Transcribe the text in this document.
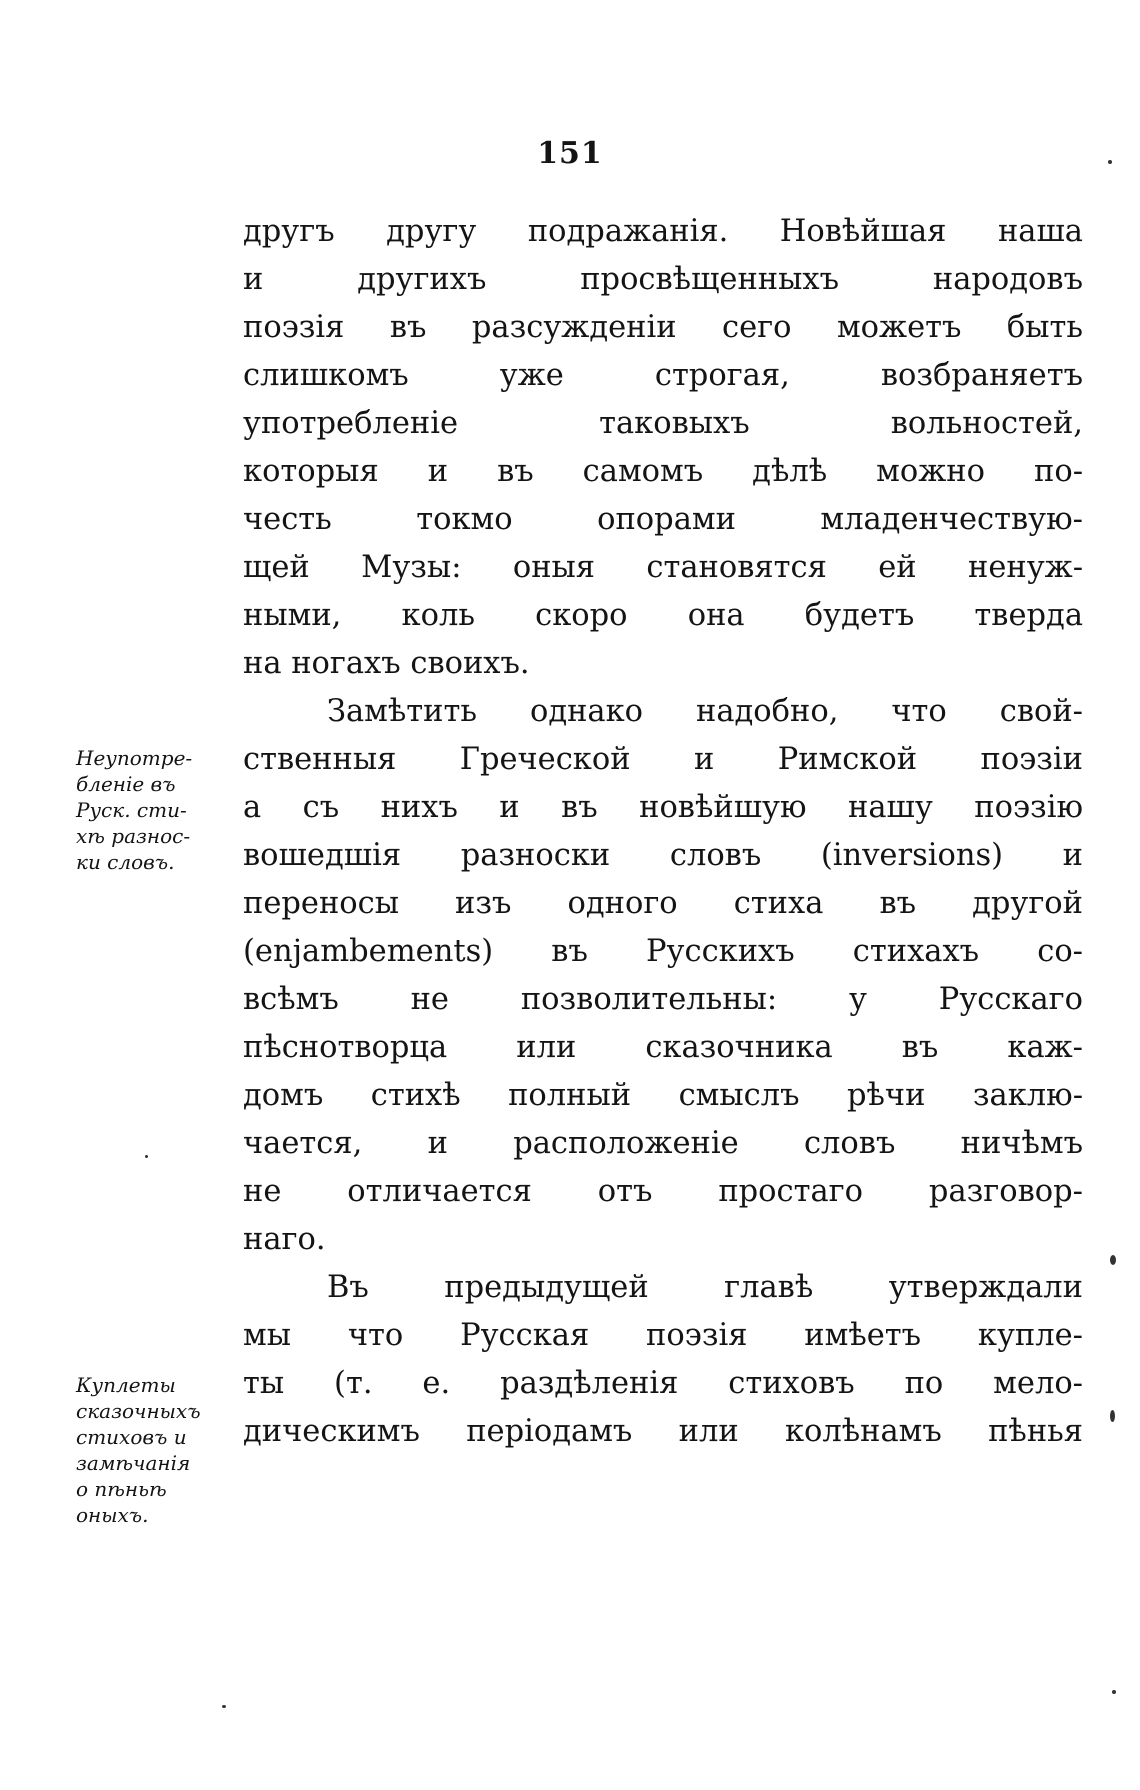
151
другъ другу подражанія. Новѣйшая наша
и другихъ просвѣщенныхъ народовъ
поэзія въ разсужденіи сего можетъ быть
слишкомъ уже строгая, возбраняетъ
употребленіе таковыхъ вольностей,
которыя и въ самомъ дѣлѣ можно по-
честь токмо опорами младенчествую-
щей Музы: оныя становятся ей ненуж-
ными, коль скоро она будетъ тверда
на ногахъ своихъ.
Замѣтить однако надобно, что свой-
ственныя Греческой и Римской поэзіи
а съ нихъ и въ новѣйшую нашу поэзію
вошедшія разноски словъ (inversions) и
переносы изъ одного стиха въ другой
(enjambements) въ Русскихъ стихахъ со-
всѣмъ не позволительны: у Русскаго
пѣснотворца или сказочника въ каж-
домъ стихѣ полный смыслъ рѣчи заклю-
чается, и расположеніе словъ ничѣмъ
не отличается отъ простаго разговор-
наго.
Въ предыдущей главѣ утверждали
мы что Русская поэзія имѣетъ купле-
ты (т. е. раздѣленія стиховъ по мело-
дическимъ періодамъ или колѣнамъ пѣнья
Неупотре-
бленіе въ
Руск. сти-
хѣ разнос-
ки словъ.
Куплеты
сказочныхъ
стиховъ и
замѣчанія
о пѣньѣ
оныхъ.
